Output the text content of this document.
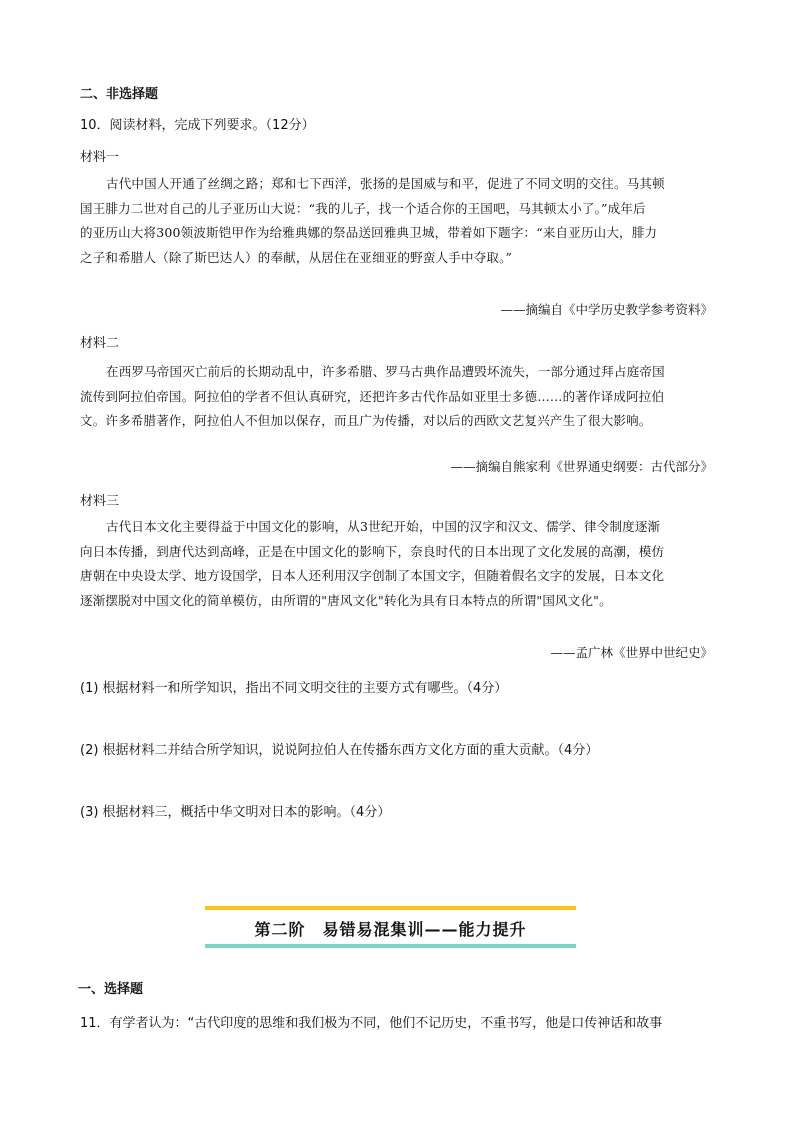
二、非选择题
10．阅读材料，完成下列要求。（12分）
材料一

古代中国人开通了丝绸之路；郑和七下西洋，张扬的是国威与和平，促进了不同文明的交往。马其顿

国王腓力二世对自己的儿子亚历山大说：“我的儿子，找一个适合你的王国吧，马其顿太小了。”成年后

的亚历山大将300领波斯铠甲作为给雅典娜的祭品送回雅典卫城，带着如下题字：“来自亚历山大，腓力

之子和希腊人（除了斯巴达人）的奉献，从居住在亚细亚的野蛮人手中夺取。”

——摘编自《中学历史教学参考资料》
材料二

在西罗马帝国灭亡前后的长期动乱中，许多希腊、罗马古典作品遭毁坏流失，一部分通过拜占庭帝国

流传到阿拉伯帝国。阿拉伯的学者不但认真研究，还把许多古代作品如亚里士多德……的著作译成阿拉伯

文。许多希腊著作，阿拉伯人不但加以保存，而且广为传播，对以后的西欧文艺复兴产生了很大影响。

——摘编自熊家利《世界通史纲要：古代部分》
材料三

古代日本文化主要得益于中国文化的影响，从3世纪开始，中国的汉字和汉文、儒学、律令制度逐渐

向日本传播，到唐代达到高峰，正是在中国文化的影响下，奈良时代的日本出现了文化发展的高潮，模仿

唐朝在中央设太学、地方设国学，日本人还利用汉字创制了本国文字，但随着假名文字的发展，日本文化

逐渐摆脱对中国文化的简单模仿，由所谓的"唐风文化"转化为具有日本特点的所谓"国风文化"。

——孟广林《世界中世纪史》
(1) 根据材料一和所学知识，指出不同文明交往的主要方式有哪些。（4分）
(2) 根据材料二并结合所学知识，说说阿拉伯人在传播东西方文化方面的重大贡献。（4分）
(3) 根据材料三，概括中华文明对日本的影响。（4分）
第二阶　易错易混集训——能力提升
一、选择题
11．有学者认为：“古代印度的思维和我们极为不同，他们不记历史，不重书写，他是口传神话和故事
